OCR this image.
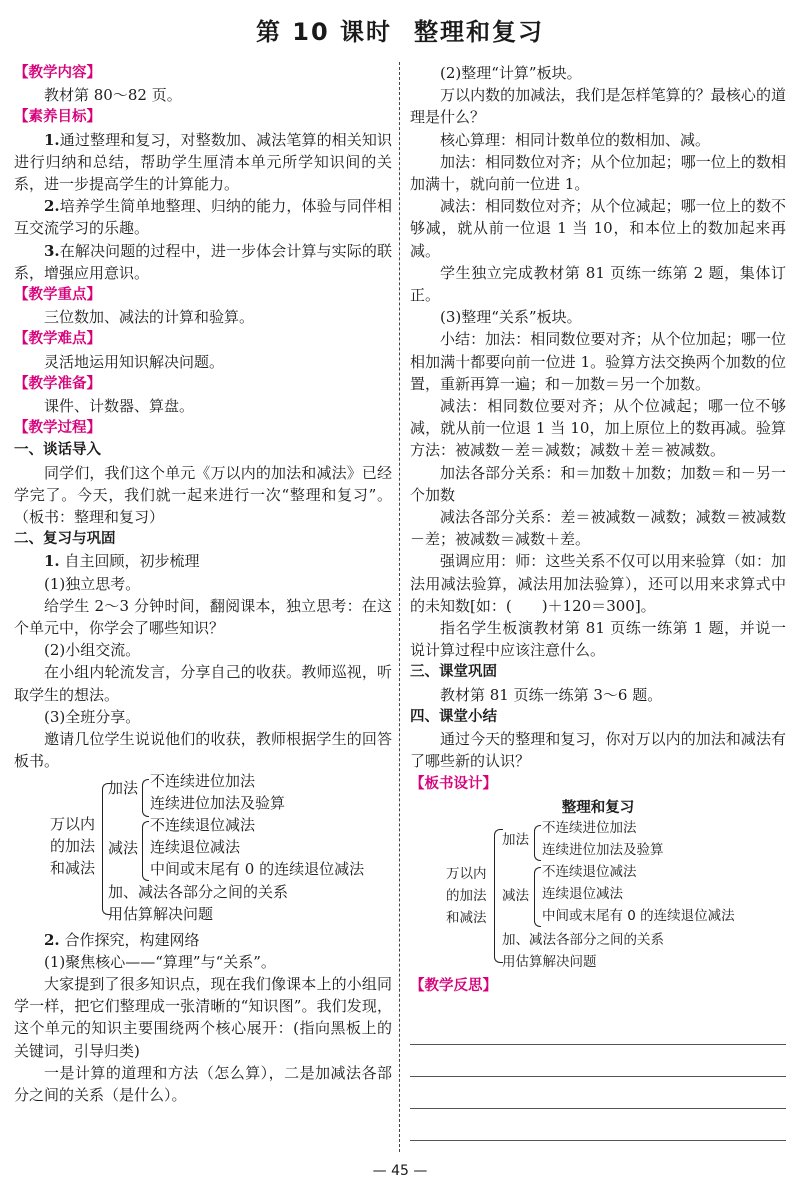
第 10 课时 整理和复习

【教学内容】

教材第 80～82 页。

【素养目标】

1.通过整理和复习，对整数加、减法笔算的相关知识进行归纳和总结，帮助学生厘清本单元所学知识间的关系，进一步提高学生的计算能力。

2.培养学生简单地整理、归纳的能力，体验与同伴相互交流学习的乐趣。

3.在解决问题的过程中，进一步体会计算与实际的联系，增强应用意识。

【教学重点】

三位数加、减法的计算和验算。

【教学难点】

灵活地运用知识解决问题。

【教学准备】

课件、计数器、算盘。

【教学过程】

一、谈话导入

同学们，我们这个单元《万以内的加法和减法》已经学完了。今天，我们就一起来进行一次“整理和复习”。（板书：整理和复习）

二、复习与巩固

1. 自主回顾，初步梳理

(1)独立思考。

给学生 2～3 分钟时间，翻阅课本，独立思考：在这个单元中，你学会了哪些知识？

(2)小组交流。

在小组内轮流发言，分享自己的收获。教师巡视，听取学生的想法。

(3)全班分享。

邀请几位学生说说他们的收获，教师根据学生的回答板书。

万以内
的加法
和减法
加法 不连续进位加法
连续进位加法及验算
减法
不连续退位减法
连续退位减法
中间或末尾有 0 的连续退位减法
加、减法各部分之间的关系
用估算解决问题

2. 合作探究，构建网络

(1)聚焦核心——“算理”与“关系”。

大家提到了很多知识点，现在我们像课本上的小组同学一样，把它们整理成一张清晰的“知识图”。我们发现，这个单元的知识主要围绕两个核心展开：(指向黑板上的关键词，引导归类)

一是计算的道理和方法（怎么算），二是加减法各部分之间的关系（是什么）。

(2)整理“计算”板块。

万以内数的加减法，我们是怎样笔算的？最核心的道理是什么？

核心算理：相同计数单位的数相加、减。

加法：相同数位对齐；从个位加起；哪一位上的数相加满十，就向前一位进 1。

减法：相同数位对齐；从个位减起；哪一位上的数不够减，就从前一位退 1 当 10，和本位上的数加起来再减。

学生独立完成教材第 81 页练一练第 2 题，集体订正。

(3)整理“关系”板块。

小结：加法：相同数位要对齐；从个位加起；哪一位相加满十都要向前一位进 1。验算方法交换两个加数的位置，重新再算一遍；和－加数＝另一个加数。

减法：相同数位要对齐；从个位减起；哪一位不够减，就从前一位退 1 当 10，加上原位上的数再减。验算方法：被减数－差＝减数；减数＋差＝被减数。

加法各部分关系：和＝加数＋加数；加数＝和－另一个加数

减法各部分关系：差＝被减数－减数；减数＝被减数－差；被减数＝减数＋差。

强调应用：师：这些关系不仅可以用来验算（如：加法用减法验算，减法用加法验算），还可以用来求算式中的未知数[如：(　　)＋120＝300]。

指名学生板演教材第 81 页练一练第 1 题，并说一说计算过程中应该注意什么。

三、课堂巩固

教材第 81 页练一练第 3～6 题。

四、课堂小结

通过今天的整理和复习，你对万以内的加法和减法有了哪些新的认识？

【板书设计】

整理和复习

万以内
的加法
和减法
加法
不连续进位加法
连续进位加法及验算
减法
不连续退位减法
连续退位减法
中间或末尾有 0 的连续退位减法
加、减法各部分之间的关系
用估算解决问题

【教学反思】

— 45 —
